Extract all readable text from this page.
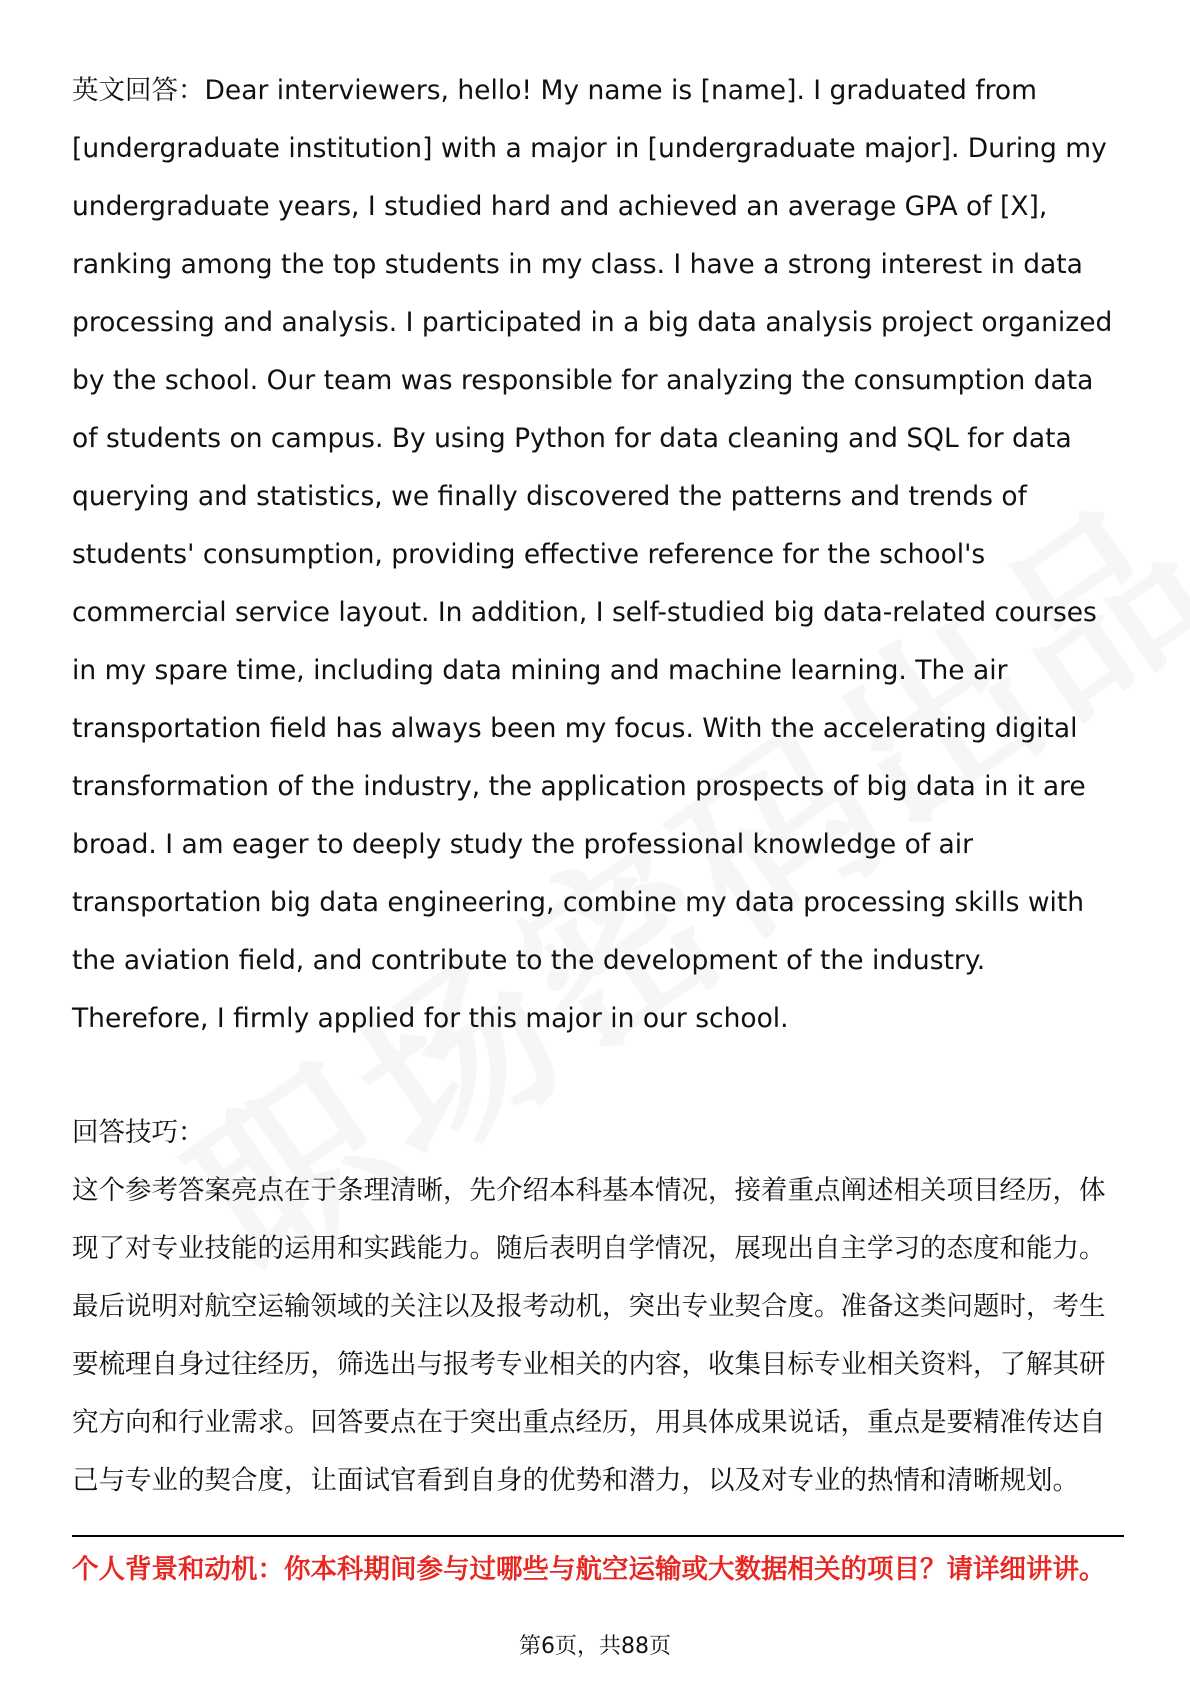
英文回答：Dear interviewers, hello! My name is [name]. I graduated from [undergraduate institution] with a major in [undergraduate major]. During my undergraduate years, I studied hard and achieved an average GPA of [X], ranking among the top students in my class. I have a strong interest in data processing and analysis. I participated in a big data analysis project organized by the school. Our team was responsible for analyzing the consumption data of students on campus. By using Python for data cleaning and SQL for data querying and statistics, we finally discovered the patterns and trends of students' consumption, providing effective reference for the school's commercial service layout. In addition, I self-studied big data-related courses in my spare time, including data mining and machine learning. The air transportation field has always been my focus. With the accelerating digital transformation of the industry, the application prospects of big data in it are broad. I am eager to deeply study the professional knowledge of air transportation big data engineering, combine my data processing skills with the aviation field, and contribute to the development of the industry. Therefore, I firmly applied for this major in our school.

回答技巧：

这个参考答案亮点在于条理清晰，先介绍本科基本情况，接着重点阐述相关项目经历，体现了对专业技能的运用和实践能力。随后表明自学情况，展现出自主学习的态度和能力。最后说明对航空运输领域的关注以及报考动机，突出专业契合度。准备这类问题时，考生要梳理自身过往经历，筛选出与报考专业相关的内容，收集目标专业相关资料，了解其研究方向和行业需求。回答要点在于突出重点经历，用具体成果说话，重点是要精准传达自己与专业的契合度，让面试官看到自身的优势和潜力，以及对专业的热情和清晰规划。

个人背景和动机：你本科期间参与过哪些与航空运输或大数据相关的项目？请详细讲讲。

第6页，共88页
